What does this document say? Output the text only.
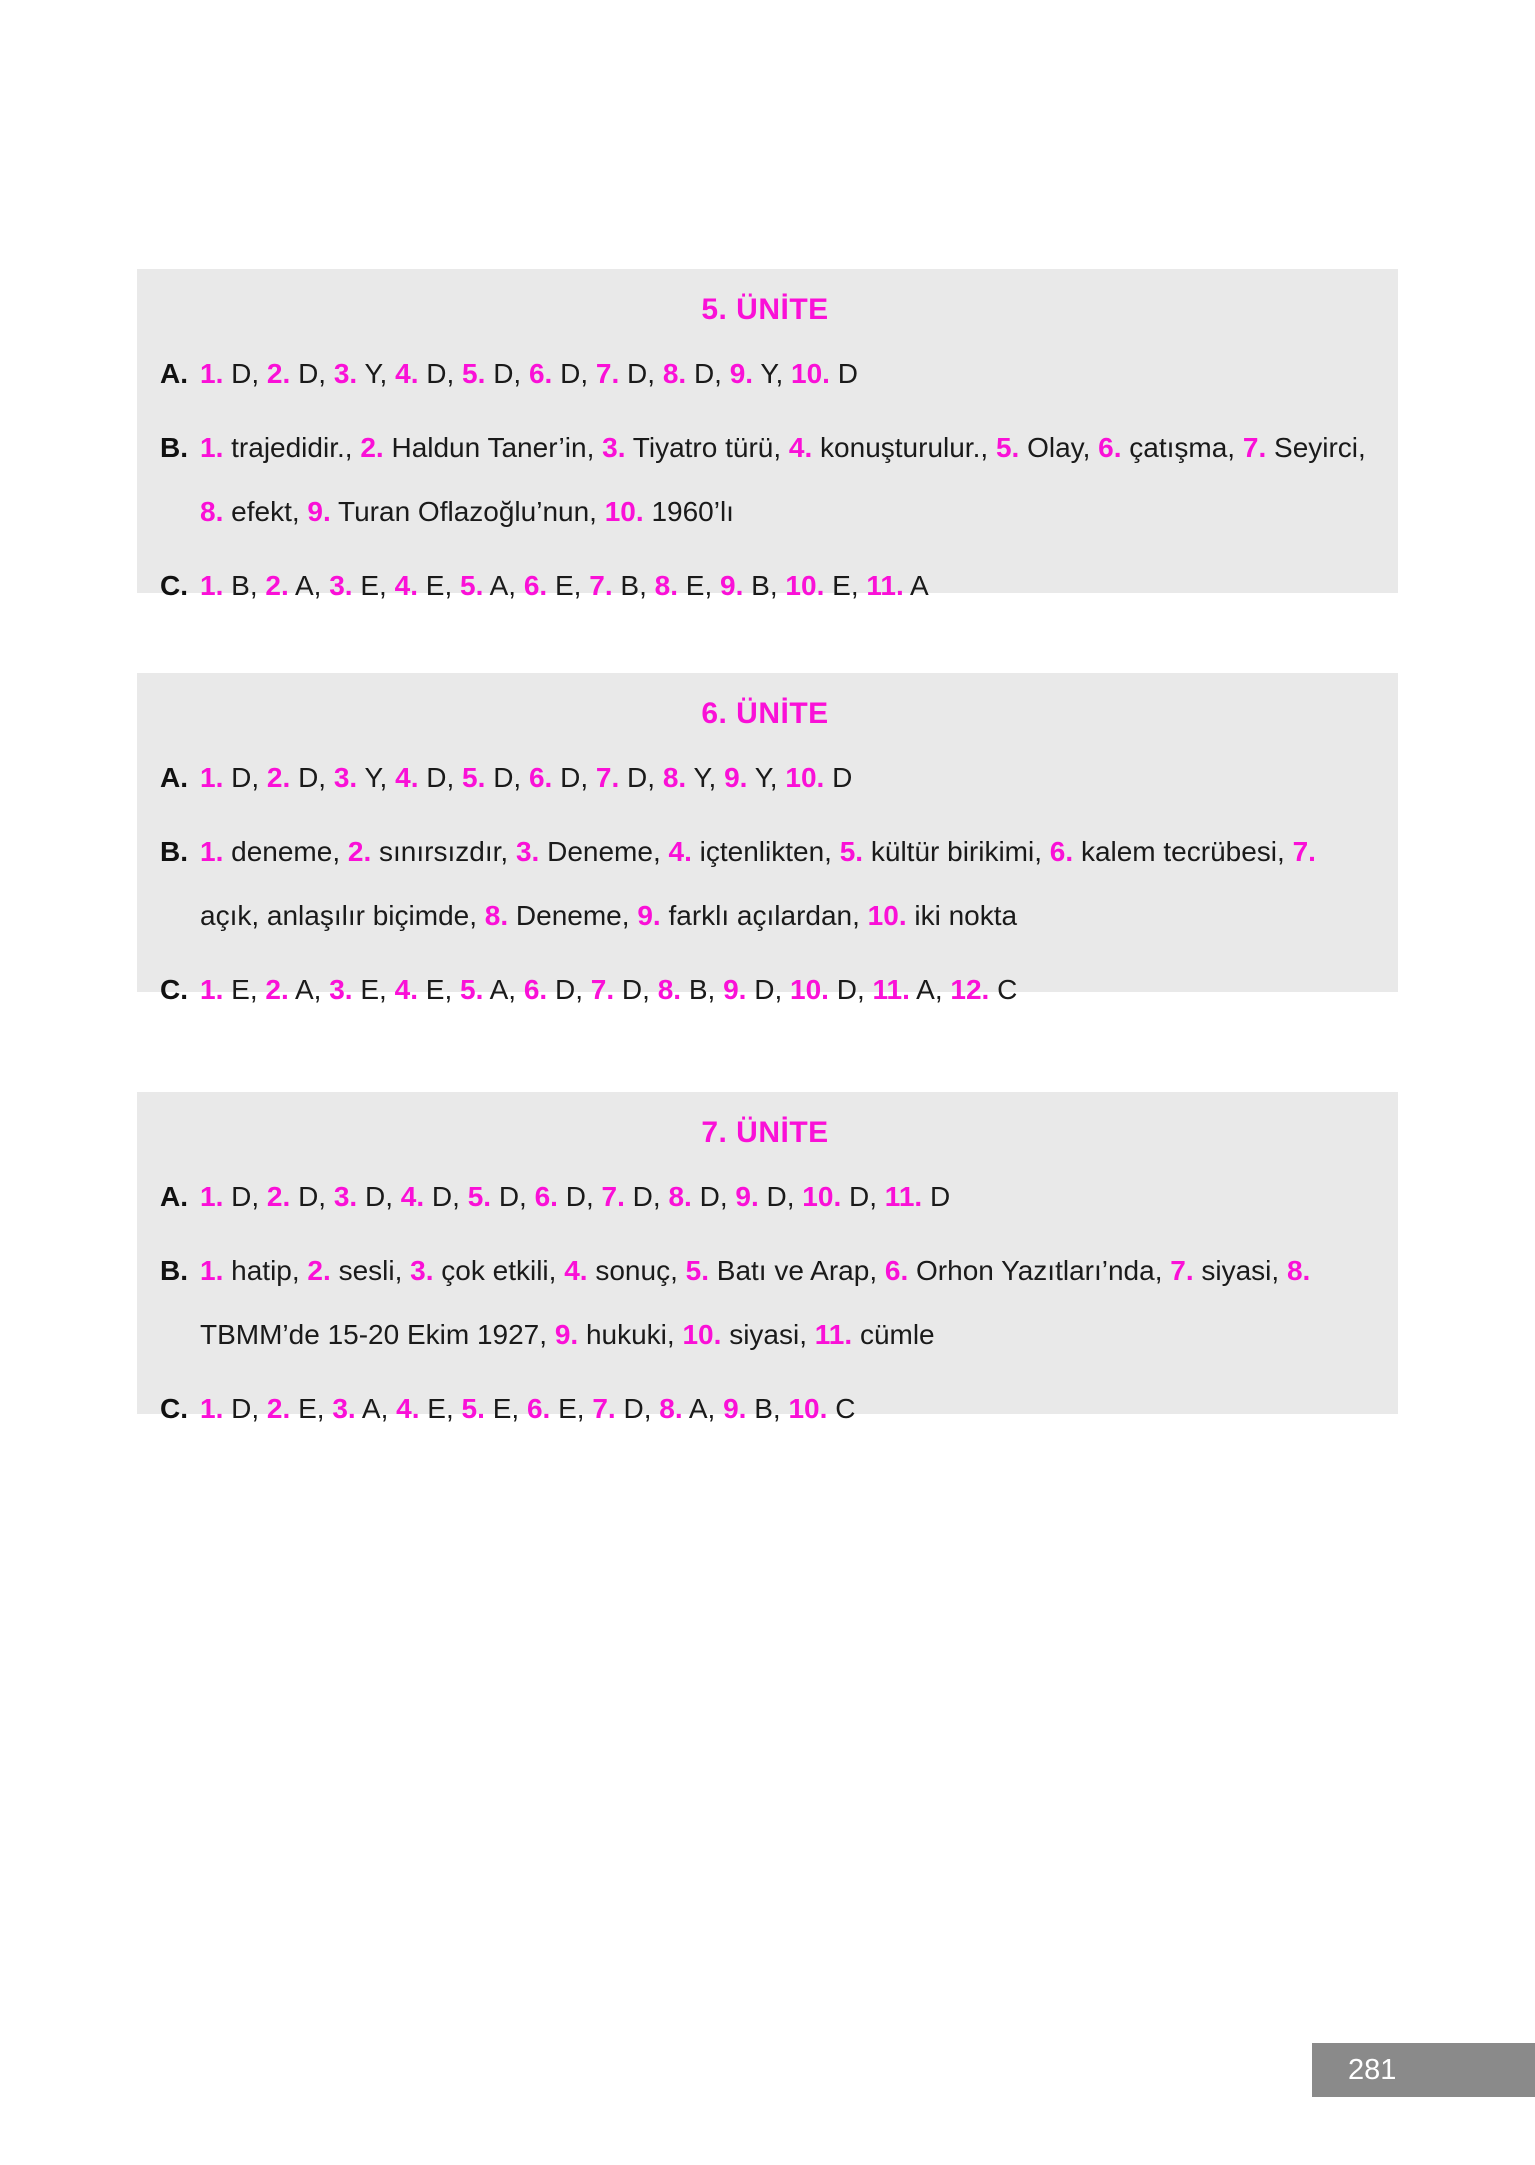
5. ÜNİTE
A. 1. D, 2. D, 3. Y, 4. D, 5. D, 6. D, 7. D, 8. D, 9. Y, 10. D
B. 1. trajedidir., 2. Haldun Taner’in, 3. Tiyatro türü, 4. konuşturulur., 5. Olay, 6. çatışma, 7. Seyirci, 8. efekt, 9. Turan Oflazoğlu’nun, 10. 1960’lı
C. 1. B, 2. A, 3. E, 4. E, 5. A, 6. E, 7. B, 8. E, 9. B, 10. E, 11. A
6. ÜNİTE
A. 1. D, 2. D, 3. Y, 4. D, 5. D, 6. D, 7. D, 8. Y, 9. Y, 10. D
B. 1. deneme, 2. sınırsızdır, 3. Deneme, 4. içtenlikten, 5. kültür birikimi, 6. kalem tecrübesi, 7. açık, anlaşılır biçimde, 8. Deneme, 9. farklı açılardan, 10. iki nokta
C. 1. E, 2. A, 3. E, 4. E, 5. A, 6. D, 7. D, 8. B, 9. D, 10. D, 11. A, 12. C
7. ÜNİTE
A. 1. D, 2. D, 3. D, 4. D, 5. D, 6. D, 7. D, 8. D, 9. D, 10. D, 11. D
B. 1. hatip, 2. sesli, 3. çok etkili, 4. sonuç, 5. Batı ve Arap, 6. Orhon Yazıtları’nda, 7. siyasi, 8. TBMM’de 15-20 Ekim 1927, 9. hukuki, 10. siyasi, 11. cümle
C. 1. D, 2. E, 3. A, 4. E, 5. E, 6. E, 7. D, 8. A, 9. B, 10. C
281
